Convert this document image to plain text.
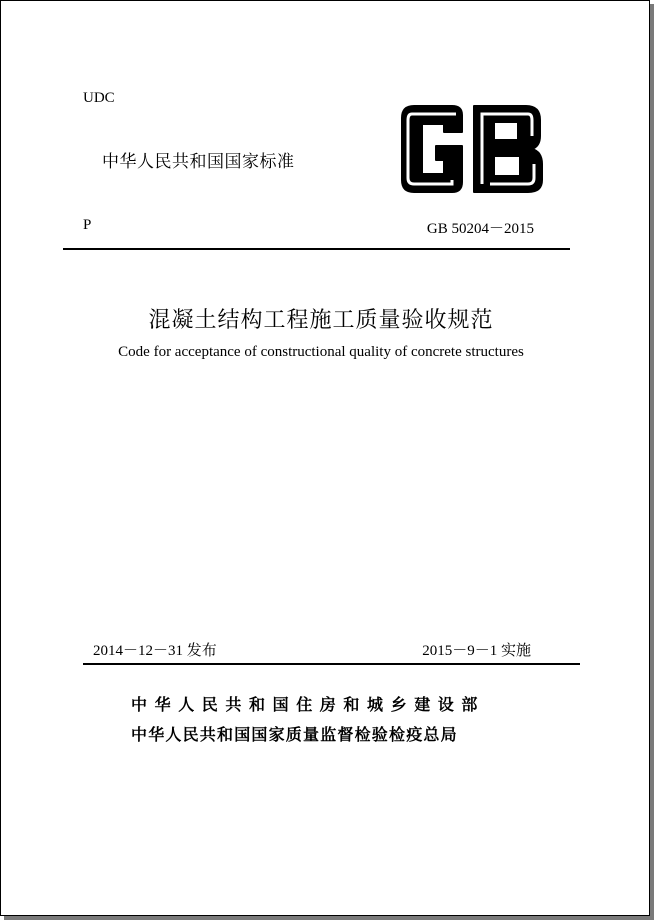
UDC
中华人民共和国国家标准
GB
P	GB 50204－2015
混凝土结构工程施工质量验收规范
Code for acceptance of constructional quality of concrete structures
2014－12－31 发布	2015－9－1 实施
中华人民共和国住房和城乡建设部
中华人民共和国国家质量监督检验检疫总局
